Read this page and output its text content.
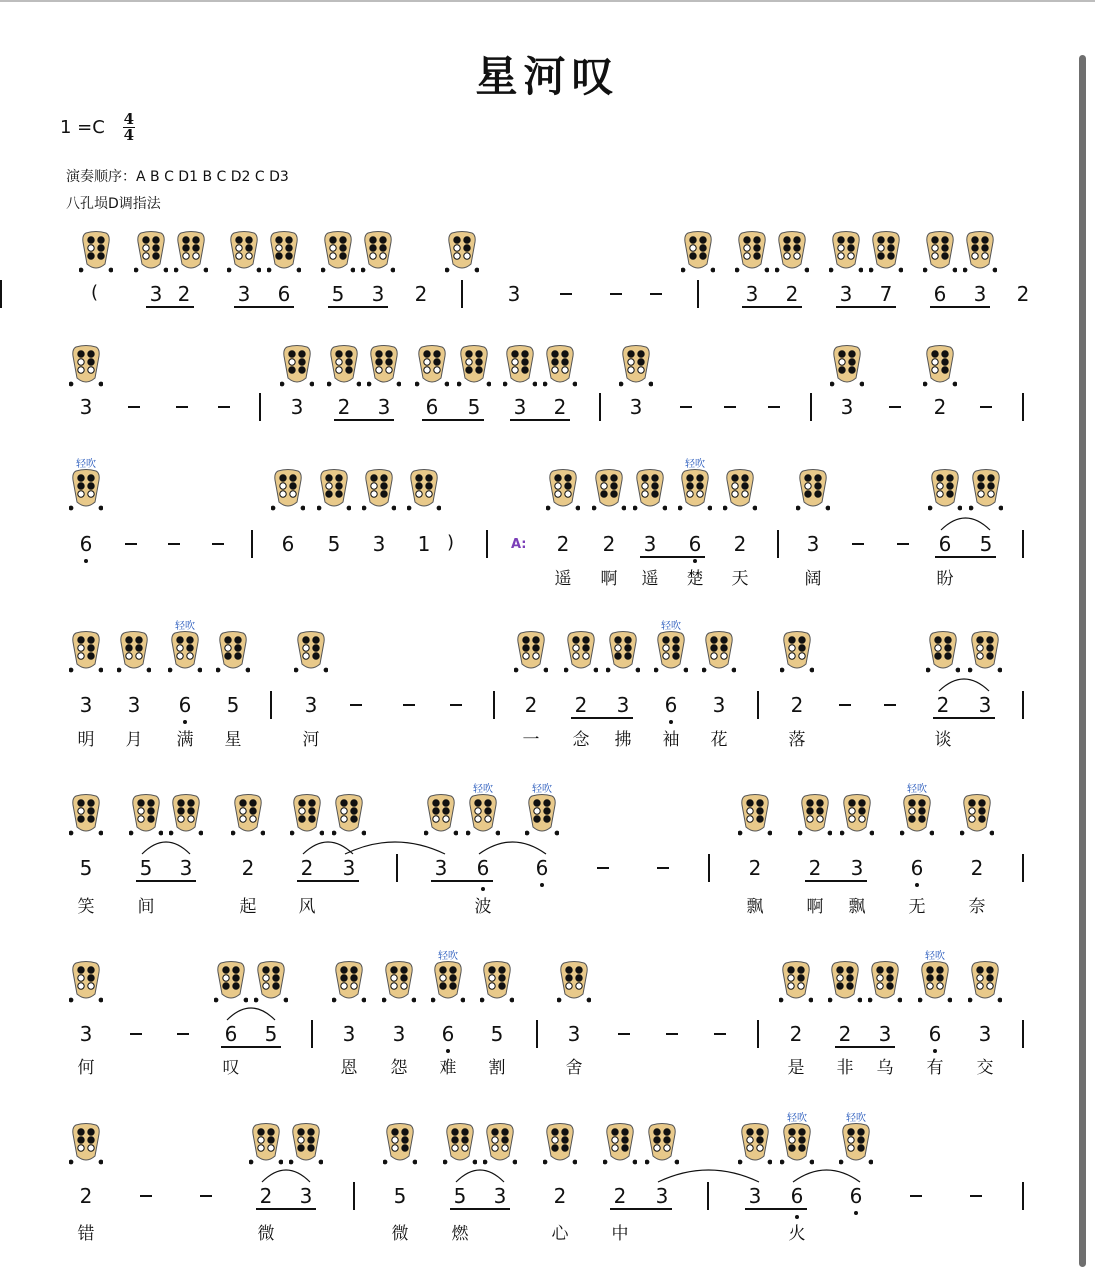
星河叹
$1 =C \frac{4}{4}$
演奏顺序：A B C D1 B C D2 C D3
八孔埙D调指法
(	3 2	3	6	5	3	2	3	3	2	3	7	6	3	2
3	3	2	3	6	5	3	2	3	3	2
轻吹	轻吹
6	6	5	3	1 )	A:	2	2	3	6	2	3	6	5
遥	啊	遥	楚	天	阔	盼
轻吹	轻吹
3	3	6	5	3	2	2	3	6	3	2	2	3
明	月	满	星	河	一	念	拂	袖	花	落	谈
轻吹	轻吹	轻吹
5	5	3	2	2	3	3	6	6	2	2	3	6	2
笑	间	起	风	波	飘	啊	飘	无	奈
轻吹	轻吹
3	6	5	3	3	6	5	3	2	2	3	6	3
何	叹	恩	怨	难	割	舍	是	非	乌	有	交
轻吹	轻吹
2	2	3	5	5	3	2	2	3	3	6	6
错	微	微	燃	心	中	火
